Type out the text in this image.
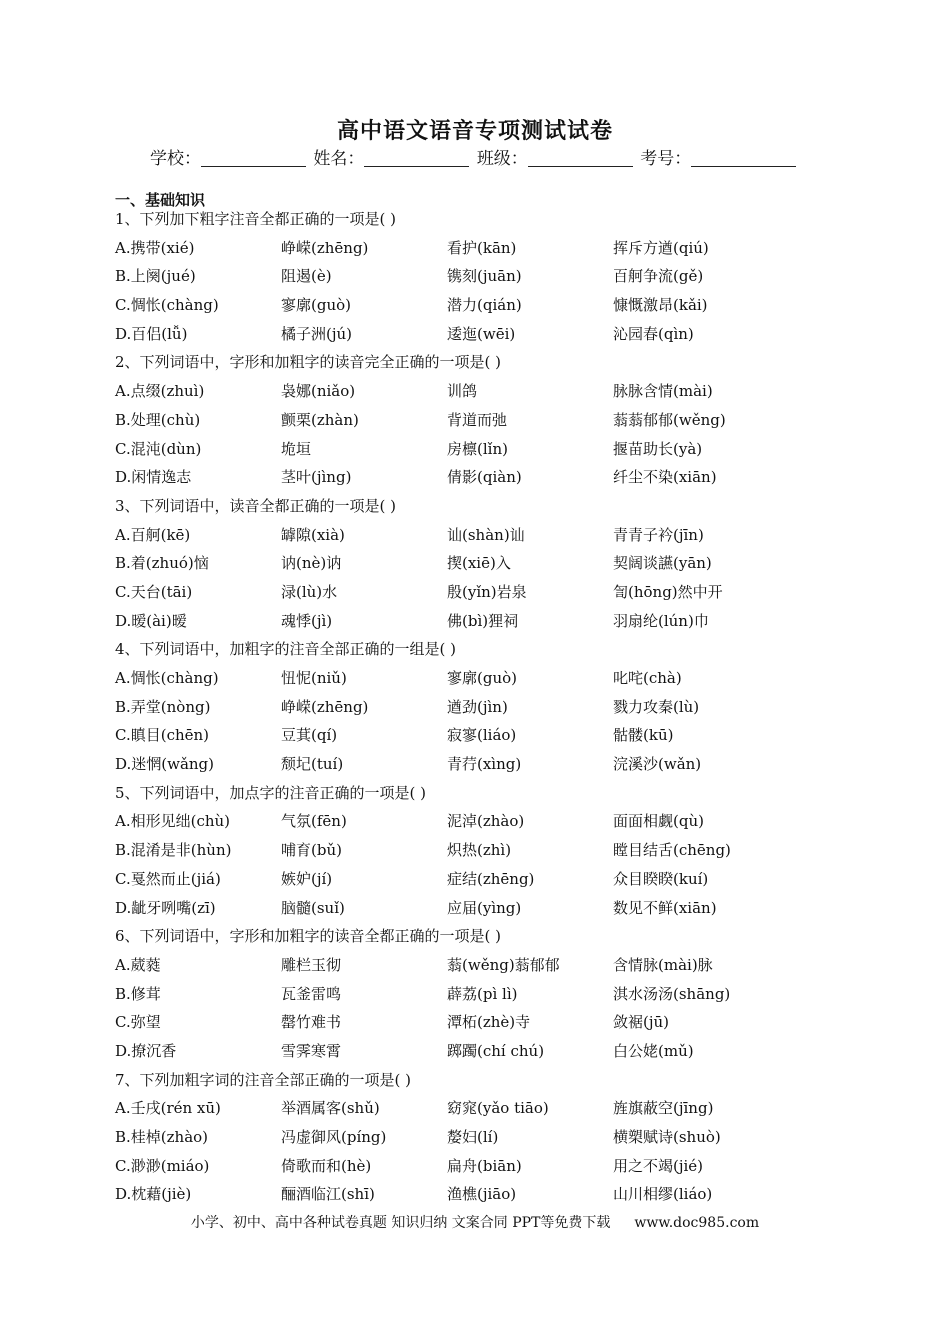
高中语文语音专项测试试卷
学校：	姓名：	班级：	考号：
一、基础知识
1、下列加下粗字注音全都正确的一项是( )
A.携带(xié)	峥嵘(zhēng)	看护(kān)	挥斥方遒(qiú)
B.上阕(jué)	阻遏(è)	镌刻(juān)	百舸争流(gě)
C.惆怅(chàng)	寥廓(guò)	潜力(qián)	慷慨激昂(kǎi)
D.百侣(lǚ)	橘子洲(jú)	逶迤(wēi)	沁园春(qìn)
2、下列词语中，字形和加粗字的读音完全正确的一项是( )
A.点缀(zhuì)	袅娜(niǎo)	训鸽	脉脉含情(mài)
B.处理(chù)	颤栗(zhàn)	背道而弛	蓊蓊郁郁(wěng)
C.混沌(dùn)	垝垣	房檩(lǐn)	揠苗助长(yà)
D.闲情逸志	茎叶(jìng)	倩影(qiàn)	纤尘不染(xiān)
3、下列词语中，读音全都正确的一项是( )
A.百舸(kē)	罅隙(xià)	讪(shàn)讪	青青子衿(jīn)
B.着(zhuó)恼	讷(nè)讷	揳(xiē)入	契阔谈讌(yān)
C.天台(tāi)	渌(lù)水	殷(yǐn)岩泉	訇(hōng)然中开
D.暧(ài)暧	魂悸(jì)	佛(bì)狸祠	羽扇纶(lún)巾
4、下列词语中，加粗字的注音全部正确的一组是( )
A.惆怅(chàng)	忸怩(niǔ)	寥廓(guò)	叱咤(chà)
B.弄堂(nòng)	峥嵘(zhēng)	遒劲(jìn)	戮力攻秦(lù)
C.瞋目(chēn)	豆萁(qí)	寂寥(liáo)	骷髅(kū)
D.迷惘(wǎng)	颓圮(tuí)	青荇(xìng)	浣溪沙(wǎn)
5、下列词语中，加点字的注音正确的一项是( )
A.相形见绌(chù)	气氛(fēn)	泥淖(zhào)	面面相觑(qù)
B.混淆是非(hùn)	哺育(bǔ)	炽热(zhì)	瞠目结舌(chēng)
C.戛然而止(jiá)	嫉妒(jí)	症结(zhēng)	众目睽睽(kuí)
D.龇牙咧嘴(zī)	脑髓(suǐ)	应届(yìng)	数见不鲜(xiān)
6、下列词语中，字形和加粗字的读音全都正确的一项是( )
A.葳蕤	雕栏玉彻	蓊(wěng)蓊郁郁	含情脉(mài)脉
B.修茸	瓦釜雷鸣	薜荔(pì lì)	淇水汤汤(shāng)
C.弥望	罄竹难书	潭柘(zhè)寺	敛裾(jū)
D.撩沉香	雪霁寒霄	踯躅(chí chú)	白公姥(mǔ)
7、下列加粗字词的注音全部正确的一项是( )
A.壬戌(rén xū)	举酒属客(shǔ)	窈窕(yǎo tiāo)	旌旗蔽空(jīng)
B.桂棹(zhào)	冯虚御风(píng)	嫠妇(lí)	横槊赋诗(shuò)
C.渺渺(miáo)	倚歌而和(hè)	扁舟(biān)	用之不竭(jié)
D.枕藉(jiè)	酾酒临江(shī)	渔樵(jiāo)	山川相缪(liáo)
小学、初中、高中各种试卷真题 知识归纳 文案合同 PPT等免费下载 www.doc985.com
